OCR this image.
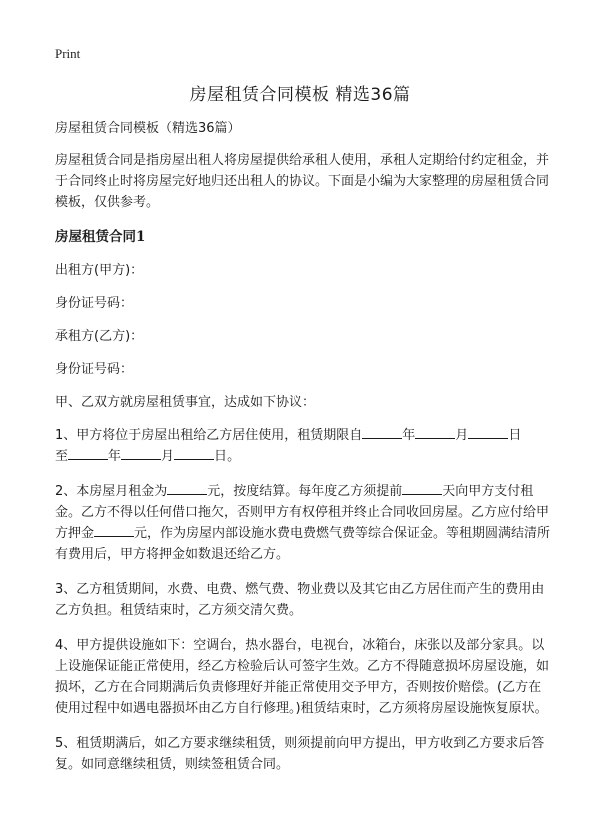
Print
房屋租赁合同模板 精选36篇

房屋租赁合同模板（精选36篇）

房屋租赁合同是指房屋出租人将房屋提供给承租人使用，承租人定期给付约定租金，并于合同终止时将房屋完好地归还出租人的协议。下面是小编为大家整理的房屋租赁合同模板，仅供参考。

房屋租赁合同1

出租方(甲方)：

身份证号码：

承租方(乙方)：

身份证号码：

甲、乙双方就房屋租赁事宜，达成如下协议：

1、甲方将位于房屋出租给乙方居住使用，租赁期限自	年	月	日
至	年	月	日。

2、本房屋月租金为	元，按度结算。每年度乙方须提前	天向甲方支付租金。乙方不得以任何借口拖欠，否则甲方有权停租并终止合同收回房屋。乙方应付给甲方押金	元，作为房屋内部设施水费电费燃气费等综合保证金。等租期圆满结清所有费用后，甲方将押金如数退还给乙方。

3、乙方租赁期间，水费、电费、燃气费、物业费以及其它由乙方居住而产生的费用由乙方负担。租赁结束时，乙方须交清欠费。

4、甲方提供设施如下：空调台，热水器台，电视台，冰箱台，床张以及部分家具。以上设施保证能正常使用，经乙方检验后认可签字生效。乙方不得随意损坏房屋设施，如损坏，乙方在合同期满后负责修理好并能正常使用交予甲方，否则按价赔偿。(乙方在使用过程中如遇电器损坏由乙方自行修理。)租赁结束时，乙方须将房屋设施恢复原状。

5、租赁期满后，如乙方要求继续租赁，则须提前向甲方提出，甲方收到乙方要求后答复。如同意继续租赁，则续签租赁合同。
